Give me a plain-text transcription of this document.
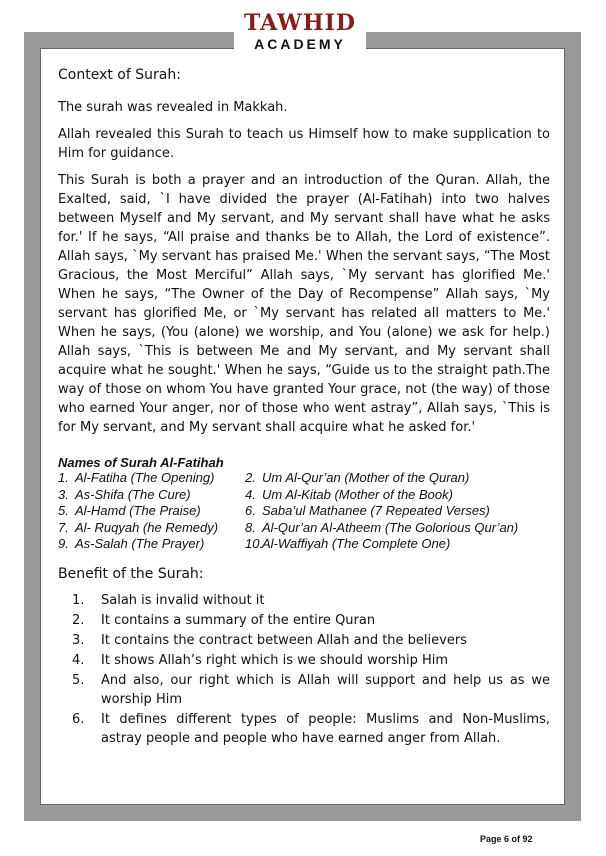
TAWHID
ACADEMY
Context of Surah:

The surah was revealed in Makkah.

Allah revealed this Surah to teach us Himself how to make supplication to Him for guidance.

This Surah is both a prayer and an introduction of the Quran. Allah, the Exalted, said, `I have divided the prayer (Al-Fatihah) into two halves between Myself and My servant, and My servant shall have what he asks for.' If he says, “All praise and thanks be to Allah, the Lord of existence”. Allah says, `My servant has praised Me.' When the servant says, “The Most Gracious, the Most Merciful” Allah says, `My servant has glorified Me.' When he says, “The Owner of the Day of Recompense” Allah says, `My servant has glorified Me, or `My servant has related all matters to Me.' When he says, (You (alone) we worship, and You (alone) we ask for help.) Allah says, `This is between Me and My servant, and My servant shall acquire what he sought.' When he says, “Guide us to the straight path.The way of those on whom You have granted Your grace, not (the way) of those who earned Your anger, nor of those who went astray”, Allah says, `This is for My servant, and My servant shall acquire what he asked for.'

Names of Surah Al-Fatihah
1. Al-Fatiha (The Opening)	2. Um Al-Qur’an (Mother of the Quran)
3. As-Shifa (The Cure)	4. Um Al-Kitab (Mother of the Book)
5. Al-Hamd (The Praise)	6. Saba’ul Mathanee (7 Repeated Verses)
7. Al- Ruqyah (he Remedy)	8. Al-Qur’an Al-Atheem (The Golorious Qur’an)
9. As-Salah (The Prayer)	10.Al-Waffiyah (The Complete One)
Benefit of the Surah:
1.	Salah is invalid without it
2.	It contains a summary of the entire Quran
3.	It contains the contract between Allah and the believers
4.	It shows Allah’s right which is we should worship Him
5.	And also, our right which is Allah will support and help us as we worship Him
6.	It defines different types of people: Muslims and Non-Muslims, astray people and people who have earned anger from Allah.
Page 6 of 92
